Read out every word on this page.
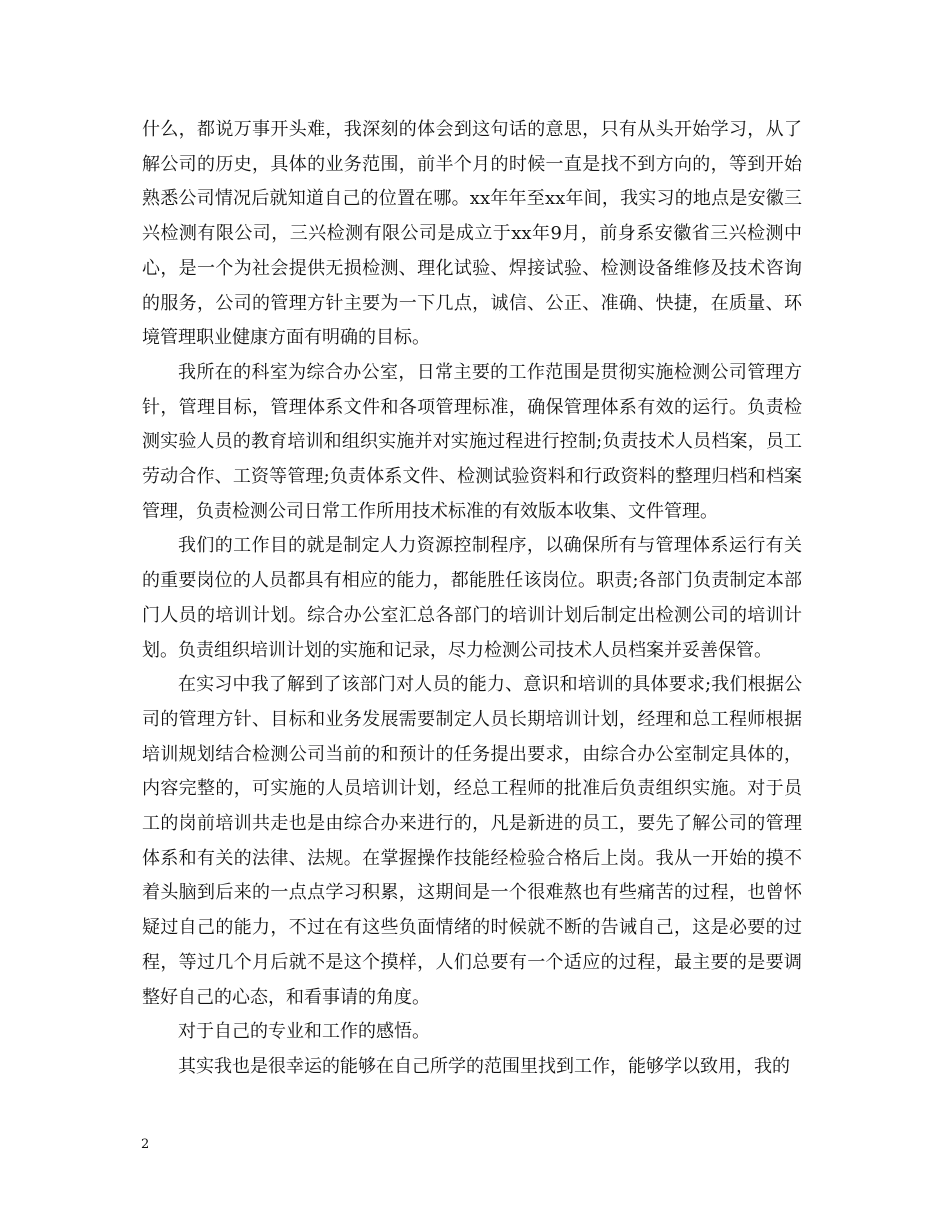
什么，都说万事开头难，我深刻的体会到这句话的意思，只有从头开始学习，从了解公司的历史，具体的业务范围，前半个月的时候一直是找不到方向的，等到开始熟悉公司情况后就知道自己的位置在哪。xx年年至xx年间，我实习的地点是安徽三兴检测有限公司，三兴检测有限公司是成立于xx年9月，前身系安徽省三兴检测中心，是一个为社会提供无损检测、理化试验、焊接试验、检测设备维修及技术咨询的服务，公司的管理方针主要为一下几点，诚信、公正、准确、快捷，在质量、环境管理职业健康方面有明确的目标。

我所在的科室为综合办公室，日常主要的工作范围是贯彻实施检测公司管理方针，管理目标，管理体系文件和各项管理标准，确保管理体系有效的运行。负责检测实验人员的教育培训和组织实施并对实施过程进行控制;负责技术人员档案，员工劳动合作、工资等管理;负责体系文件、检测试验资料和行政资料的整理归档和档案管理，负责检测公司日常工作所用技术标准的有效版本收集、文件管理。

我们的工作目的就是制定人力资源控制程序，以确保所有与管理体系运行有关的重要岗位的人员都具有相应的能力，都能胜任该岗位。职责;各部门负责制定本部门人员的培训计划。综合办公室汇总各部门的培训计划后制定出检测公司的培训计划。负责组织培训计划的实施和记录，尽力检测公司技术人员档案并妥善保管。

在实习中我了解到了该部门对人员的能力、意识和培训的具体要求;我们根据公司的管理方针、目标和业务发展需要制定人员长期培训计划，经理和总工程师根据培训规划结合检测公司当前的和预计的任务提出要求，由综合办公室制定具体的，内容完整的，可实施的人员培训计划，经总工程师的批准后负责组织实施。对于员工的岗前培训共走也是由综合办来进行的，凡是新进的员工，要先了解公司的管理体系和有关的法律、法规。在掌握操作技能经检验合格后上岗。我从一开始的摸不着头脑到后来的一点点学习积累，这期间是一个很难熬也有些痛苦的过程，也曾怀疑过自己的能力，不过在有这些负面情绪的时候就不断的告诫自己，这是必要的过程，等过几个月后就不是这个摸样，人们总要有一个适应的过程，最主要的是要调整好自己的心态，和看事请的角度。

对于自己的专业和工作的感悟。

其实我也是很幸运的能够在自己所学的范围里找到工作，能够学以致用，我的

2
